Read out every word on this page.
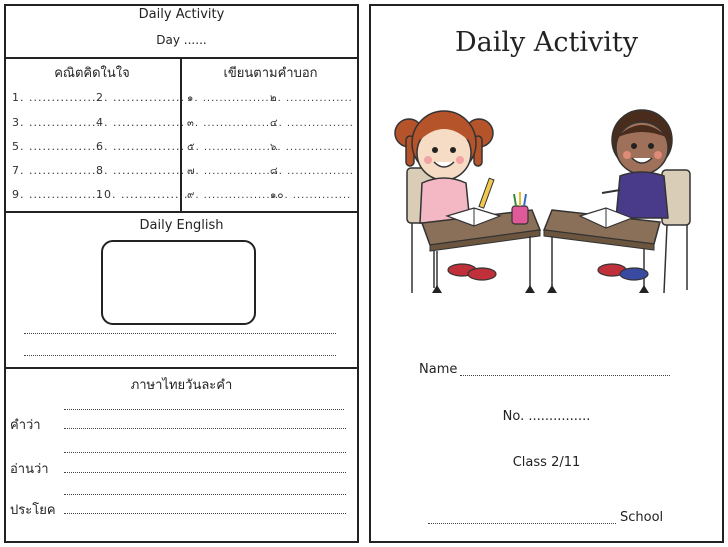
Daily Activity
Day ......
คณิตคิดในใจ	เขียนตามคำบอก
1. ................
2. ................
3. ................
4. ................
5. ................
6. ................
7. ................
8. ................
9. ................
10. ...............
๑. ..................
๒. ................
๓. ..................
๔. ................
๕. ..................
๖. ................
๗. ..................
๘. ................
๙. ..................
๑๐. ..............
Daily English
ภาษาไทยวันละคำ
คำว่า
อ่านว่า
ประโยค
Daily Activity
Name
No. ...............
Class 2/11
School
